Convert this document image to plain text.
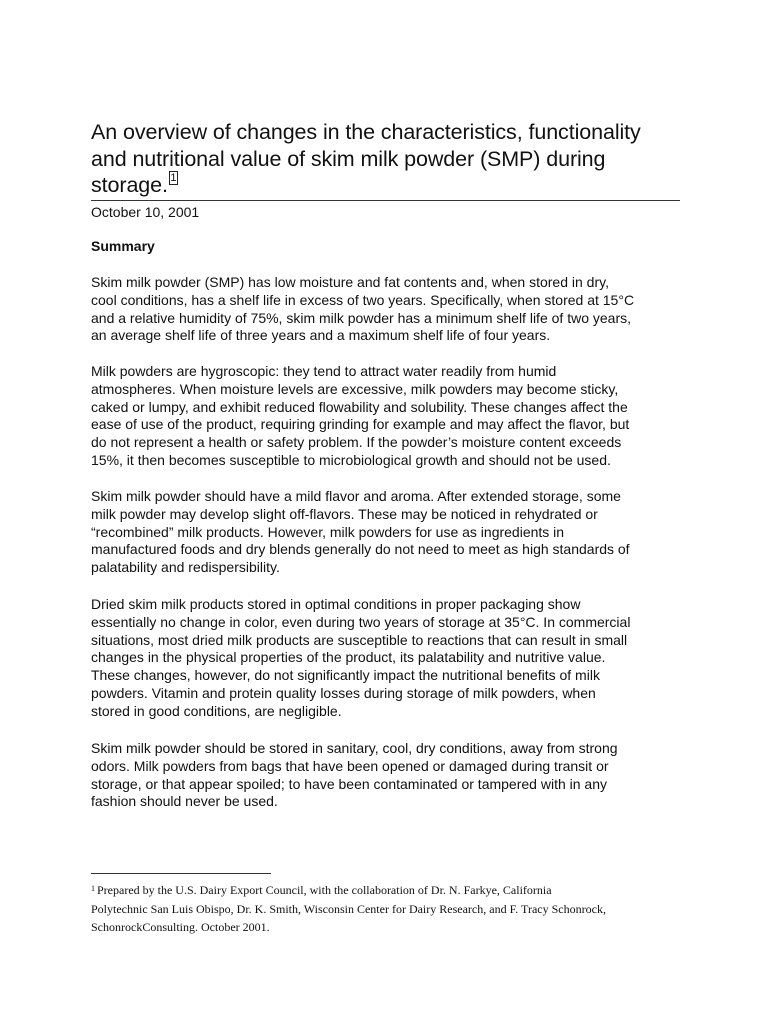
An overview of changes in the characteristics, functionality
and nutritional value of skim milk powder (SMP) during
storage. 1
October 10, 2001
Summary

Skim milk powder (SMP) has low moisture and fat contents and, when stored in dry,
cool conditions, has a shelf life in excess of two years. Specifically, when stored at 15°C
and a relative humidity of 75%, skim milk powder has a minimum shelf life of two years,
an average shelf life of three years and a maximum shelf life of four years.

Milk powders are hygroscopic: they tend to attract water readily from humid
atmospheres. When moisture levels are excessive, milk powders may become sticky,
caked or lumpy, and exhibit reduced flowability and solubility. These changes affect the
ease of use of the product, requiring grinding for example and may affect the flavor, but
do not represent a health or safety problem. If the powder’s moisture content exceeds
15%, it then becomes susceptible to microbiological growth and should not be used.

Skim milk powder should have a mild flavor and aroma. After extended storage, some
milk powder may develop slight off-flavors. These may be noticed in rehydrated or
“recombined” milk products. However, milk powders for use as ingredients in
manufactured foods and dry blends generally do not need to meet as high standards of
palatability and redispersibility.

Dried skim milk products stored in optimal conditions in proper packaging show
essentially no change in color, even during two years of storage at 35°C. In commercial
situations, most dried milk products are susceptible to reactions that can result in small
changes in the physical properties of the product, its palatability and nutritive value.
These changes, however, do not significantly impact the nutritional benefits of milk
powders. Vitamin and protein quality losses during storage of milk powders, when
stored in good conditions, are negligible.

Skim milk powder should be stored in sanitary, cool, dry conditions, away from strong
odors. Milk powders from bags that have been opened or damaged during transit or
storage, or that appear spoiled; to have been contaminated or tampered with in any
fashion should never be used.

$^1$ Prepared by the U.S. Dairy Export Council, with the collaboration of Dr. N. Farkye, California
Polytechnic San Luis Obispo, Dr. K. Smith, Wisconsin Center for Dairy Research, and F. Tracy Schonrock,
SchonrockConsulting. October 2001.
